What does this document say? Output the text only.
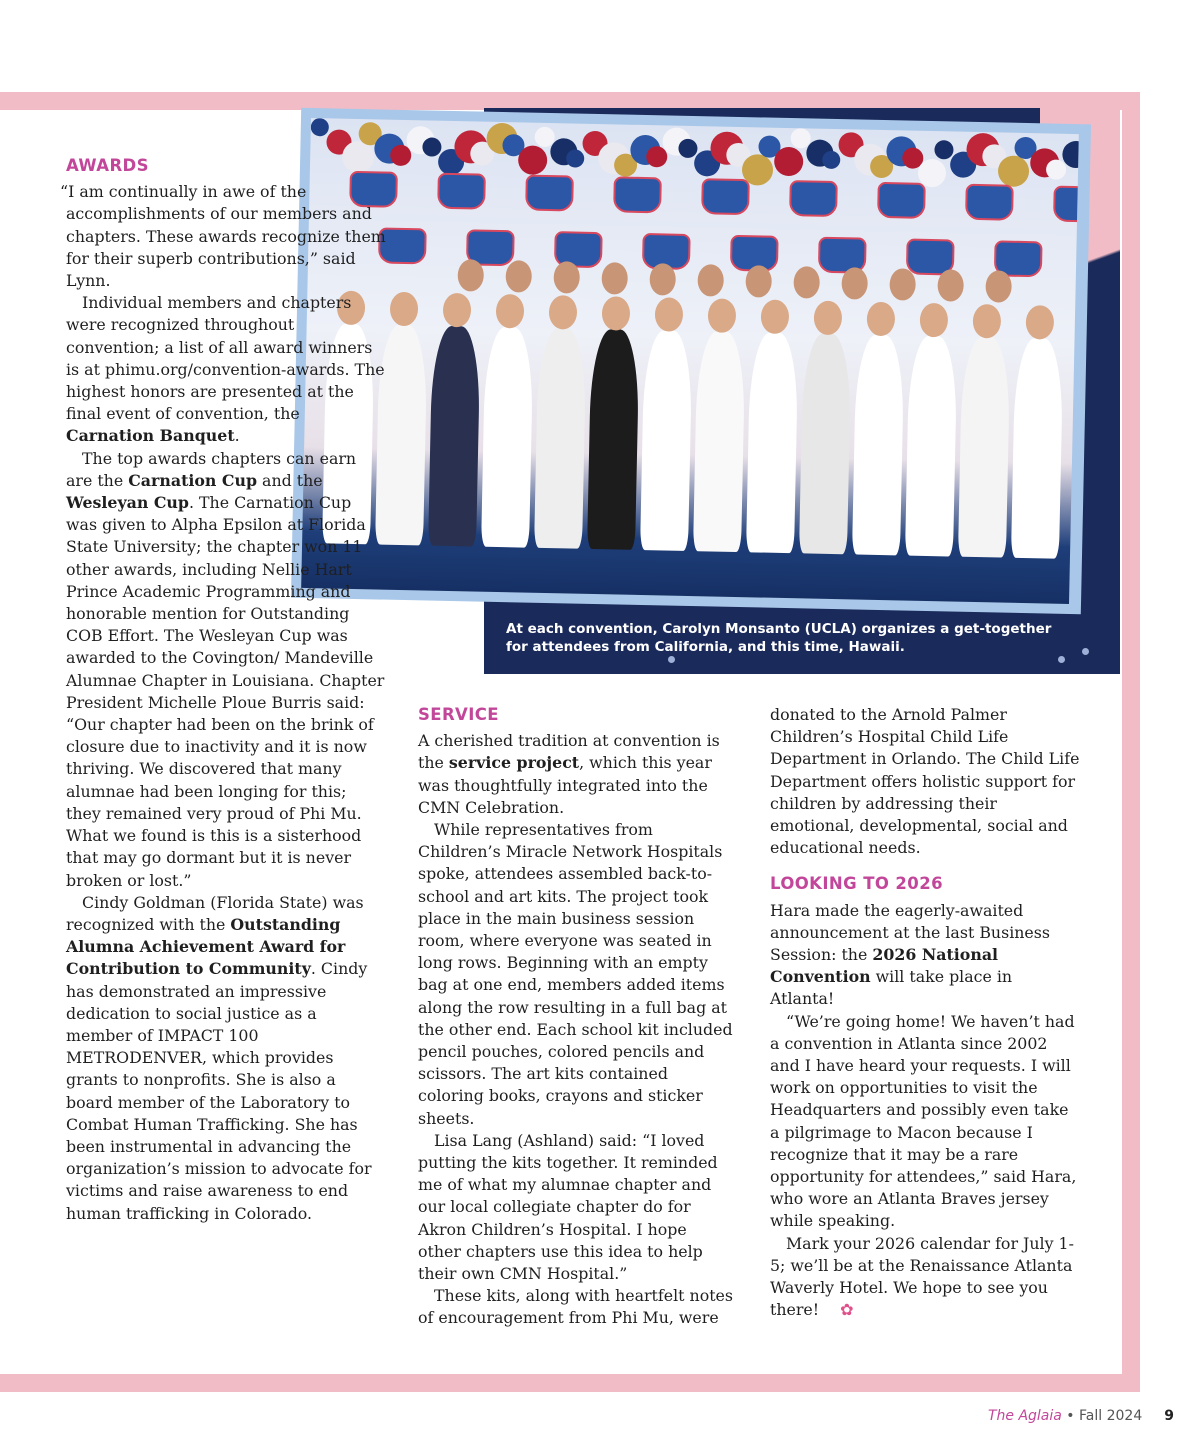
At each convention, Carolyn Monsanto (UCLA) organizes a get-together for attendees from California, and this time, Hawaii.
AWARDS

“I am continually in awe of the accomplishments of our members and chapters. These awards recognize them for their superb contributions,” said Lynn.

Individual members and chapters were recognized throughout convention; a list of all award winners is at phimu.org/convention-awards. The highest honors are presented at the final event of convention, the Carnation Banquet.

The top awards chapters can earn are the Carnation Cup and the Wesleyan Cup. The Carnation Cup was given to Alpha Epsilon at Florida State University; the chapter won 11 other awards, including Nellie Hart Prince Academic Programming and honorable mention for Outstanding COB Effort. The Wesleyan Cup was awarded to the Covington/ Mandeville Alumnae Chapter in Louisiana. Chapter President Michelle Ploue Burris said: “Our chapter had been on the brink of closure due to inactivity and it is now thriving. We discovered that many alumnae had been longing for this; they remained very proud of Phi Mu. What we found is this is a sisterhood that may go dormant but it is never broken or lost.”

Cindy Goldman (Florida State) was recognized with the Outstanding Alumna Achievement Award for Contribution to Community. Cindy has demonstrated an impressive dedication to social justice as a member of IMPACT 100 METRODENVER, which provides grants to nonprofits. She is also a board member of the Laboratory to Combat Human Trafficking. She has been instrumental in advancing the organization’s mission to advocate for victims and raise awareness to end human trafficking in Colorado.

SERVICE

A cherished tradition at convention is the service project, which this year was thoughtfully integrated into the CMN Celebration.

While representatives from Children’s Miracle Network Hospitals spoke, attendees assembled back-to-school and art kits. The project took place in the main business session room, where everyone was seated in long rows. Beginning with an empty bag at one end, members added items along the row resulting in a full bag at the other end. Each school kit included pencil pouches, colored pencils and scissors. The art kits contained coloring books, crayons and sticker sheets.

Lisa Lang (Ashland) said: “I loved putting the kits together. It reminded me of what my alumnae chapter and our local collegiate chapter do for Akron Children’s Hospital. I hope other chapters use this idea to help their own CMN Hospital.”

These kits, along with heartfelt notes of encouragement from Phi Mu, were

donated to the Arnold Palmer Children’s Hospital Child Life Department in Orlando. The Child Life Department offers holistic support for children by addressing their emotional, developmental, social and educational needs.

LOOKING TO 2026

Hara made the eagerly-awaited announcement at the last Business Session: the 2026 National Convention will take place in Atlanta!

“We’re going home! We haven’t had a convention in Atlanta since 2002 and I have heard your requests. I will work on opportunities to visit the Headquarters and possibly even take a pilgrimage to Macon because I recognize that it may be a rare opportunity for attendees,” said Hara, who wore an Atlanta Braves jersey while speaking.

Mark your 2026 calendar for July 1-5; we’ll be at the Renaissance Atlanta Waverly Hotel. We hope to see you there! ✿

The Aglaia • Fall 2024 9
